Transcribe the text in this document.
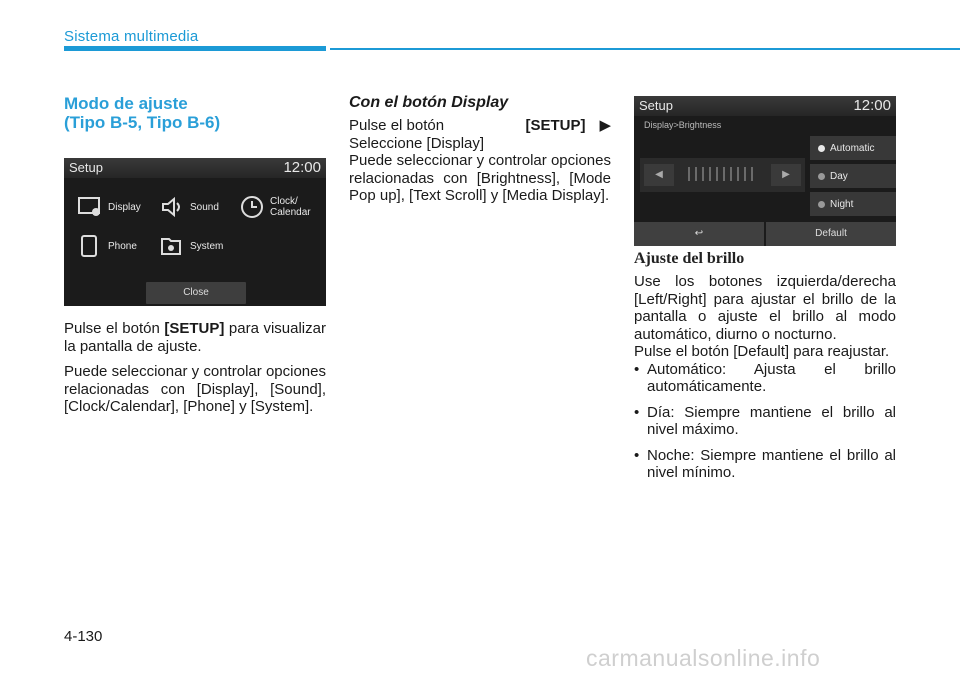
Sistema multimedia
Modo de ajuste
(Tipo B-5, Tipo B-6)
Setup	12:00
Display	Sound	Clock/
Calendar
Phone	System
Close

Pulse el botón [SETUP] para visualizar la pantalla de ajuste.

Puede seleccionar y controlar opciones relacionadas con [Display], [Sound], [Clock/Calendar], [Phone] y [System].

Con el botón Display
Pulse el botón	[SETUP] ▶
Seleccione [Display]
Puede seleccionar y controlar opciones relacionadas con [Brightness], [Mode Pop up], [Text Scroll] y [Media Display].
Setup	12:00
Display>Brightness
◀	▶
Automatic
Day
Night
↩	Default
Ajuste del brillo
Use los botones izquierda/derecha [Left/Right] para ajustar el brillo de la pantalla o ajuste el brillo al modo automático, diurno o nocturno.
Pulse el botón [Default] para reajustar.
• Automático: Ajusta el brillo automáticamente.
• Día: Siempre mantiene el brillo al nivel máximo.
• Noche: Siempre mantiene el brillo al nivel mínimo.
4-130
carmanualsonline.info
